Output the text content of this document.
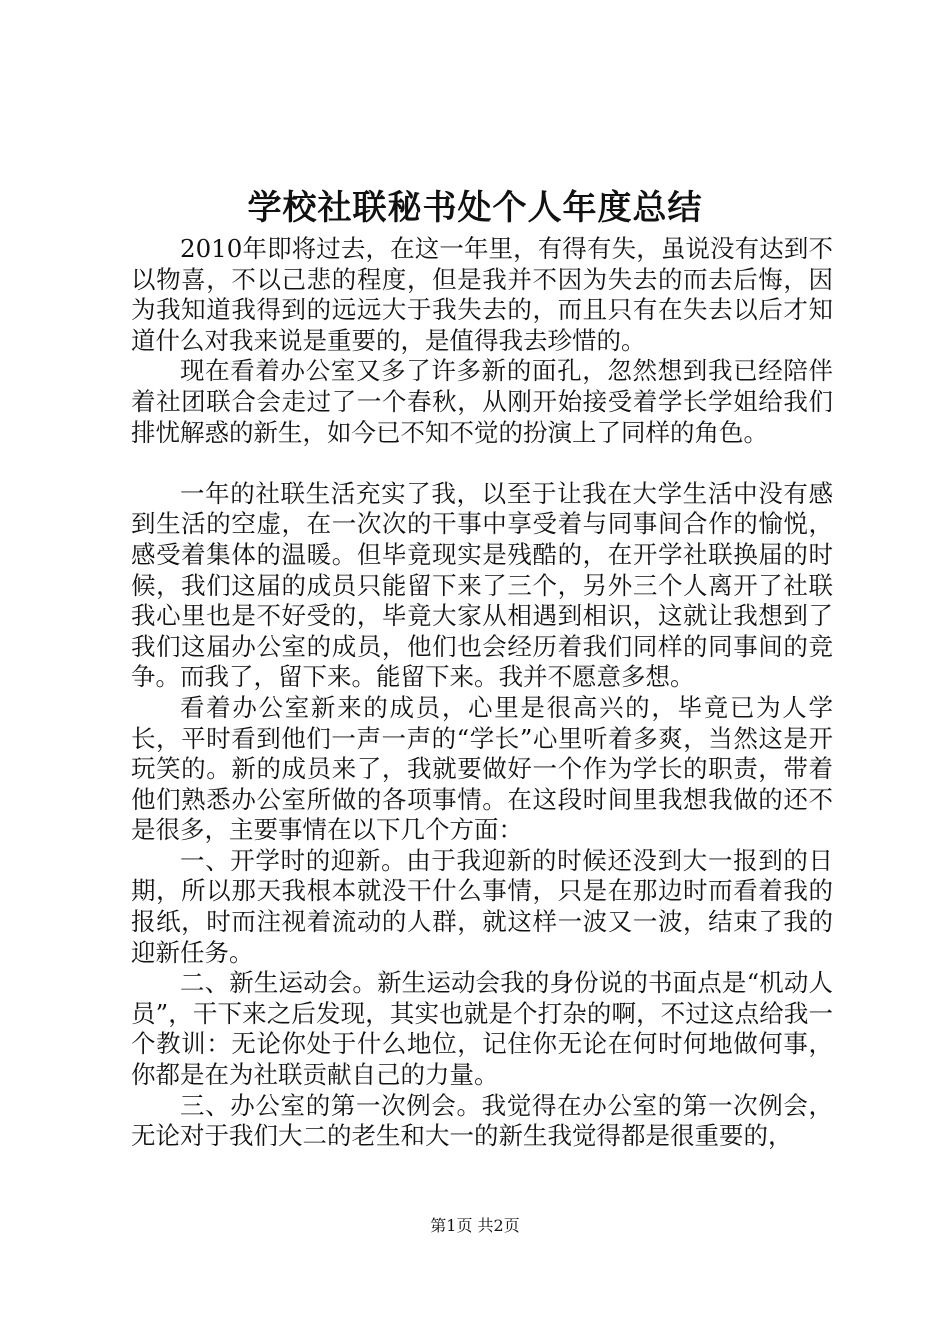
学校社联秘书处个人年度总结

2010年即将过去，在这一年里，有得有失，虽说没有达到不以物喜，不以己悲的程度，但是我并不因为失去的而去后悔，因为我知道我得到的远远大于我失去的，而且只有在失去以后才知道什么对我来说是重要的，是值得我去珍惜的。

现在看着办公室又多了许多新的面孔，忽然想到我已经陪伴着社团联合会走过了一个春秋，从刚开始接受着学长学姐给我们排忧解惑的新生，如今已不知不觉的扮演上了同样的角色。

一年的社联生活充实了我，以至于让我在大学生活中没有感到生活的空虚，在一次次的干事中享受着与同事间合作的愉悦，感受着集体的温暖。但毕竟现实是残酷的，在开学社联换届的时候，我们这届的成员只能留下来了三个，另外三个人离开了社联我心里也是不好受的，毕竟大家从相遇到相识，这就让我想到了我们这届办公室的成员，他们也会经历着我们同样的同事间的竞争。而我了，留下来。能留下来。我并不愿意多想。

看着办公室新来的成员，心里是很高兴的，毕竟已为人学长，平时看到他们一声一声的“学长”心里听着多爽，当然这是开玩笑的。新的成员来了，我就要做好一个作为学长的职责，带着他们熟悉办公室所做的各项事情。在这段时间里我想我做的还不是很多，主要事情在以下几个方面：

一、开学时的迎新。由于我迎新的时候还没到大一报到的日期，所以那天我根本就没干什么事情，只是在那边时而看着我的报纸，时而注视着流动的人群，就这样一波又一波，结束了我的迎新任务。

二、新生运动会。新生运动会我的身份说的书面点是“机动人员”，干下来之后发现，其实也就是个打杂的啊，不过这点给我一个教训：无论你处于什么地位，记住你无论在何时何地做何事，你都是在为社联贡献自己的力量。

三、办公室的第一次例会。我觉得在办公室的第一次例会，无论对于我们大二的老生和大一的新生我觉得都是很重要的，

第1页 共2页
